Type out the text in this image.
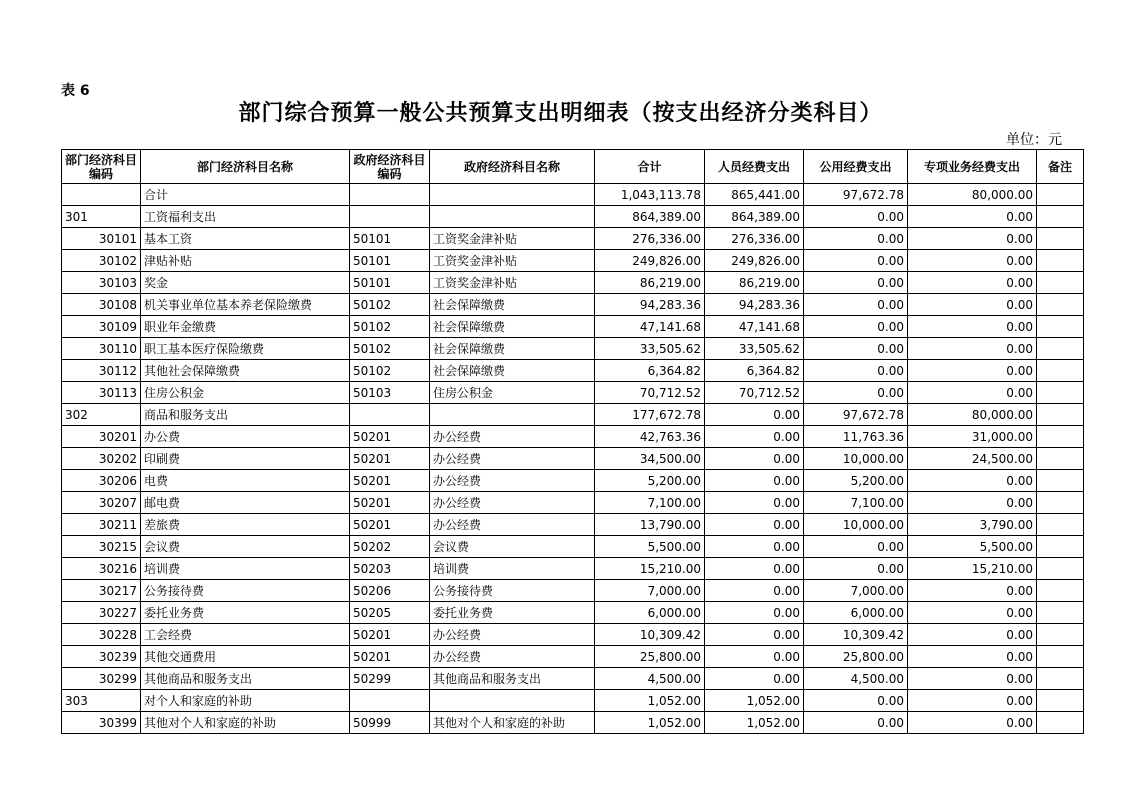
表 6
部门综合预算一般公共预算支出明细表（按支出经济分类科目）
单位：元
部门经济科目编码	部门经济科目名称	政府经济科目编码	政府经济科目名称	合计	人员经费支出	公用经费支出	专项业务经费支出	备注
	合计			1,043,113.78	865,441.00	97,672.78	80,000.00	
301	工资福利支出			864,389.00	864,389.00	0.00	0.00	
30101	基本工资	50101	工资奖金津补贴	276,336.00	276,336.00	0.00	0.00	
30102	津贴补贴	50101	工资奖金津补贴	249,826.00	249,826.00	0.00	0.00	
30103	奖金	50101	工资奖金津补贴	86,219.00	86,219.00	0.00	0.00	
30108	机关事业单位基本养老保险缴费	50102	社会保障缴费	94,283.36	94,283.36	0.00	0.00	
30109	职业年金缴费	50102	社会保障缴费	47,141.68	47,141.68	0.00	0.00	
30110	职工基本医疗保险缴费	50102	社会保障缴费	33,505.62	33,505.62	0.00	0.00	
30112	其他社会保障缴费	50102	社会保障缴费	6,364.82	6,364.82	0.00	0.00	
30113	住房公积金	50103	住房公积金	70,712.52	70,712.52	0.00	0.00	
302	商品和服务支出			177,672.78	0.00	97,672.78	80,000.00	
30201	办公费	50201	办公经费	42,763.36	0.00	11,763.36	31,000.00	
30202	印刷费	50201	办公经费	34,500.00	0.00	10,000.00	24,500.00	
30206	电费	50201	办公经费	5,200.00	0.00	5,200.00	0.00	
30207	邮电费	50201	办公经费	7,100.00	0.00	7,100.00	0.00	
30211	差旅费	50201	办公经费	13,790.00	0.00	10,000.00	3,790.00	
30215	会议费	50202	会议费	5,500.00	0.00	0.00	5,500.00	
30216	培训费	50203	培训费	15,210.00	0.00	0.00	15,210.00	
30217	公务接待费	50206	公务接待费	7,000.00	0.00	7,000.00	0.00	
30227	委托业务费	50205	委托业务费	6,000.00	0.00	6,000.00	0.00	
30228	工会经费	50201	办公经费	10,309.42	0.00	10,309.42	0.00	
30239	其他交通费用	50201	办公经费	25,800.00	0.00	25,800.00	0.00	
30299	其他商品和服务支出	50299	其他商品和服务支出	4,500.00	0.00	4,500.00	0.00	
303	对个人和家庭的补助			1,052.00	1,052.00	0.00	0.00	
30399	其他对个人和家庭的补助	50999	其他对个人和家庭的补助	1,052.00	1,052.00	0.00	0.00	
